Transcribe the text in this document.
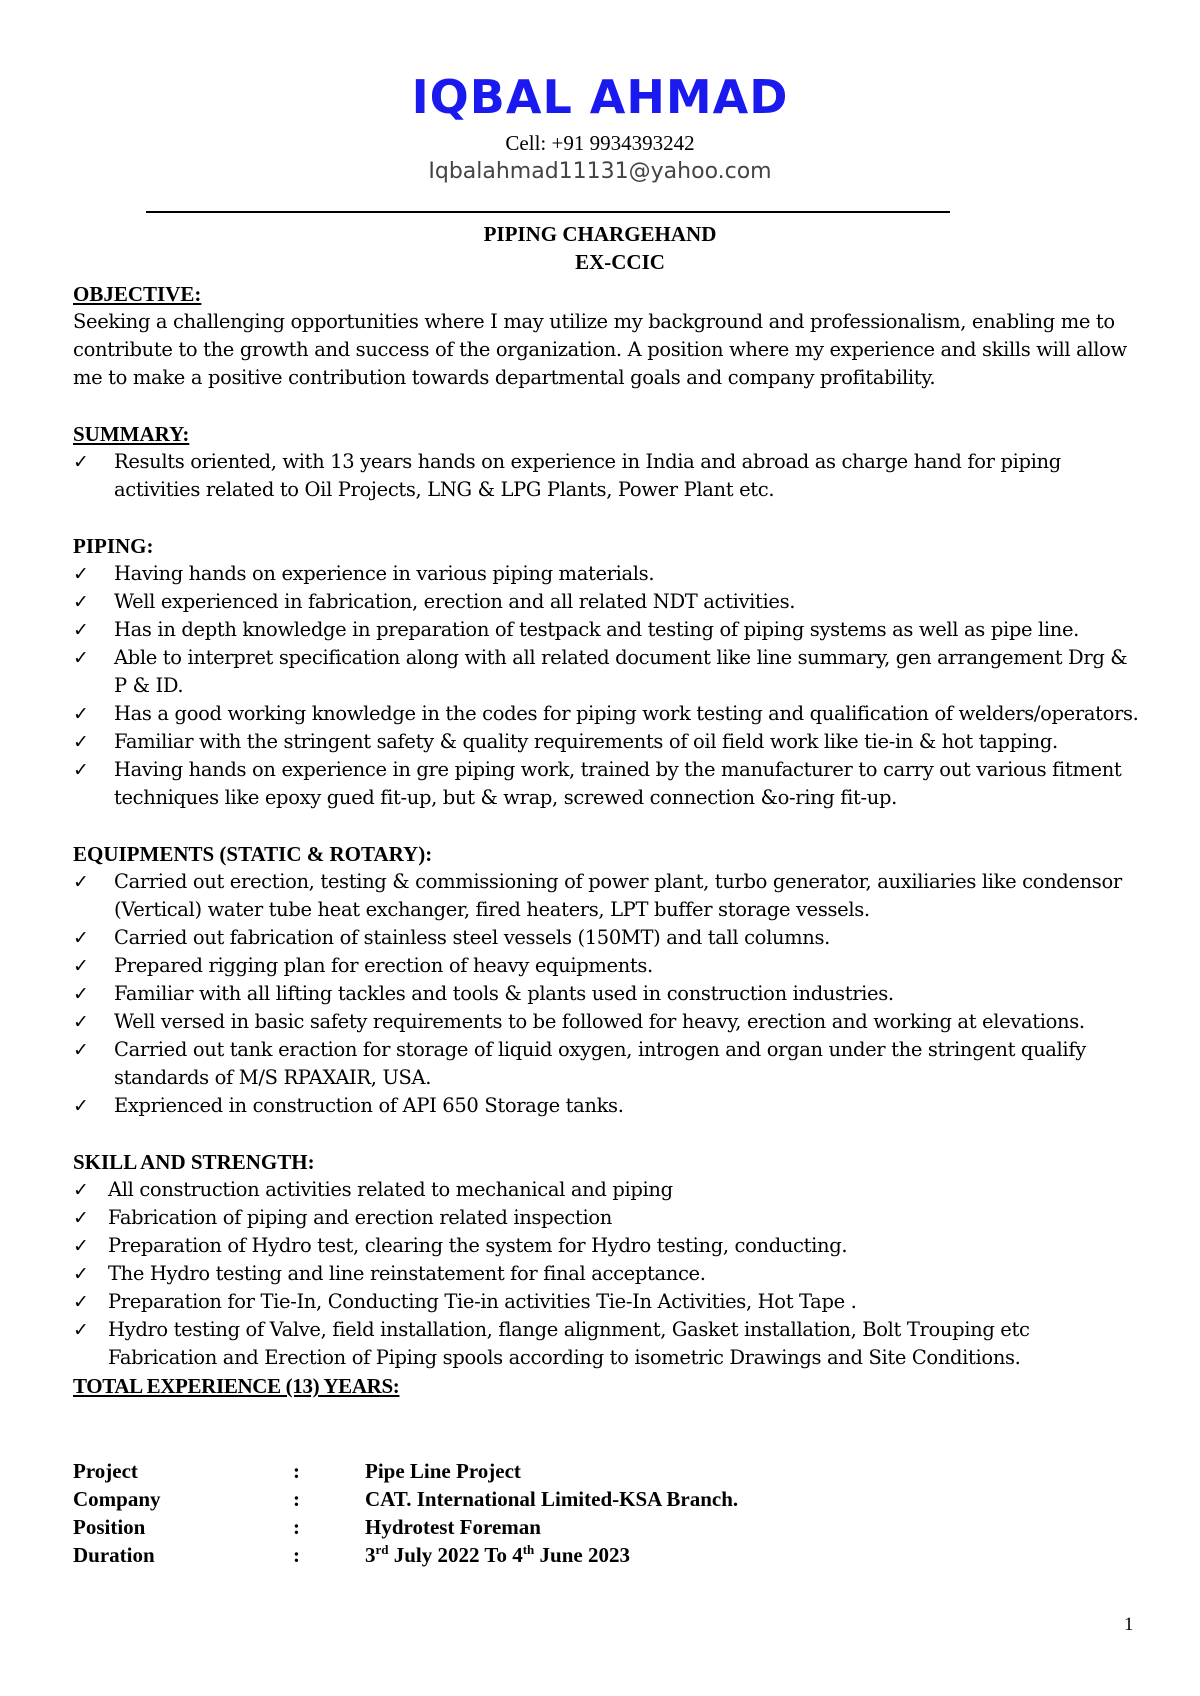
IQBAL AHMAD
Cell: +91 9934393242
Iqbalahmad11131@yahoo.com
PIPING CHARGEHAND
EX-CCIC
OBJECTIVE:
Seeking a challenging opportunities where I may utilize my background and professionalism, enabling me to contribute to the growth and success of the organization. A position where my experience and skills will allow me to make a positive contribution towards departmental goals and company profitability.
SUMMARY:
✓ Results oriented, with 13 years hands on experience in India and abroad as charge hand for piping activities related to Oil Projects, LNG & LPG Plants, Power Plant etc.
PIPING:
✓ Having hands on experience in various piping materials.
✓ Well experienced in fabrication, erection and all related NDT activities.
✓ Has in depth knowledge in preparation of testpack and testing of piping systems as well as pipe line.
✓ Able to interpret specification along with all related document like line summary, gen arrangement Drg & P & ID.
✓ Has a good working knowledge in the codes for piping work testing and qualification of welders/operators.
✓ Familiar with the stringent safety & quality requirements of oil field work like tie-in & hot tapping.
✓ Having hands on experience in gre piping work, trained by the manufacturer to carry out various fitment techniques like epoxy gued fit-up, but & wrap, screwed connection &o-ring fit-up.
EQUIPMENTS (STATIC & ROTARY):
✓ Carried out erection, testing & commissioning of power plant, turbo generator, auxiliaries like condensor (Vertical) water tube heat exchanger, fired heaters, LPT buffer storage vessels.
✓ Carried out fabrication of stainless steel vessels (150MT) and tall columns.
✓ Prepared rigging plan for erection of heavy equipments.
✓ Familiar with all lifting tackles and tools & plants used in construction industries.
✓ Well versed in basic safety requirements to be followed for heavy, erection and working at elevations.
✓ Carried out tank eraction for storage of liquid oxygen, introgen and organ under the stringent qualify standards of M/S RPAXAIR, USA.
✓ Exprienced in construction of API 650 Storage tanks.
SKILL AND STRENGTH:
✓ All construction activities related to mechanical and piping
✓ Fabrication of piping and erection related inspection
✓ Preparation of Hydro test, clearing the system for Hydro testing, conducting.
✓ The Hydro testing and line reinstatement for final acceptance.
✓ Preparation for Tie-In, Conducting Tie-in activities Tie-In Activities, Hot Tape .
✓ Hydro testing of Valve, field installation, flange alignment, Gasket installation, Bolt Trouping etc
Fabrication and Erection of Piping spools according to isometric Drawings and Site Conditions.
TOTAL EXPERIENCE (13) YEARS:
Project	:	Pipe Line Project
Company	:	CAT. International Limited-KSA Branch.
Position	:	Hydrotest Foreman
Duration	:	3rd July 2022 To 4th June 2023
1
